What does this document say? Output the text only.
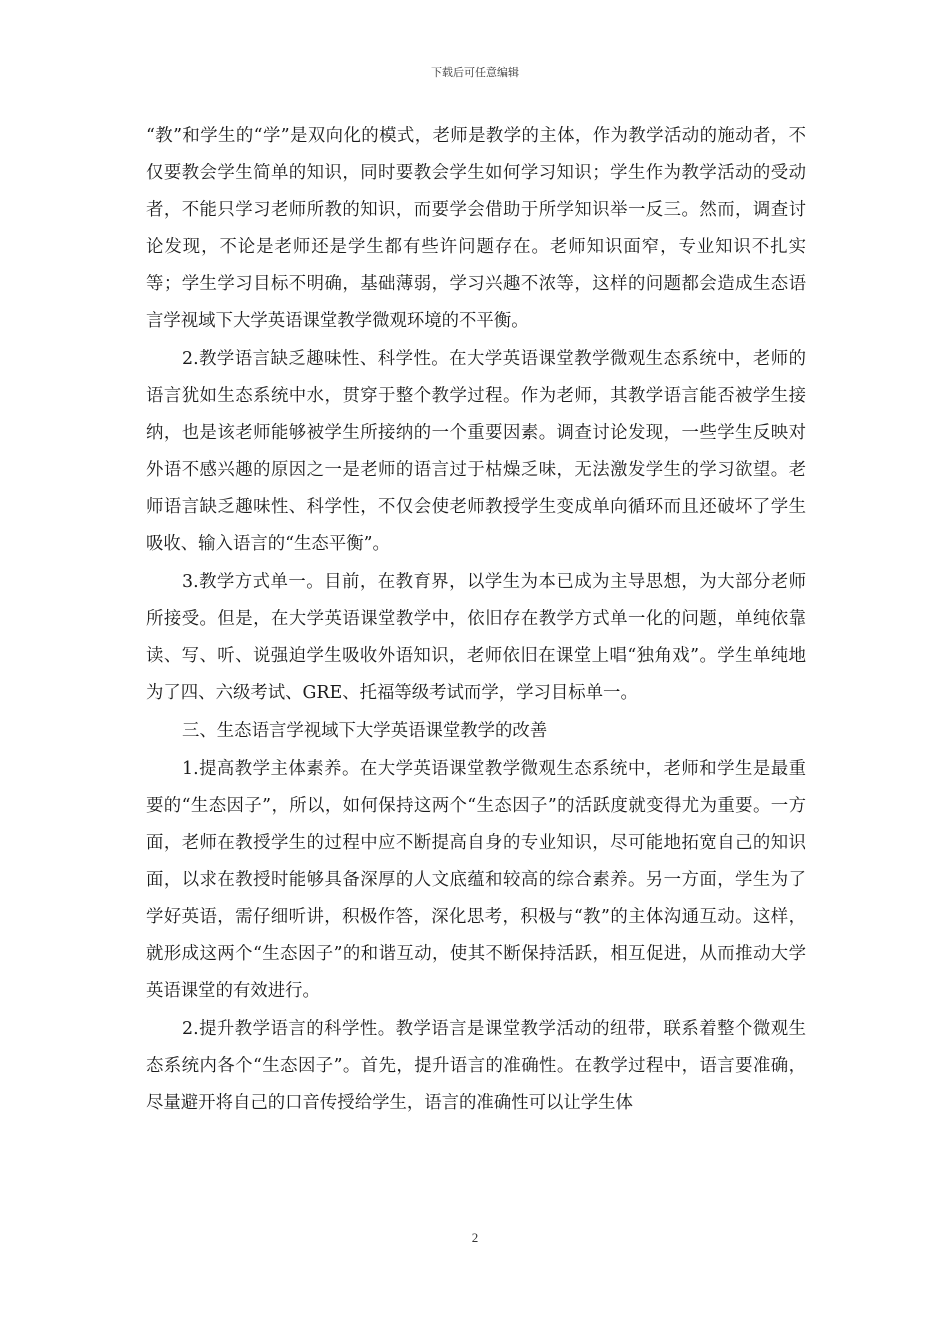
下载后可任意编辑

“教”和学生的“学”是双向化的模式，老师是教学的主体，作为教学活动的施动者，不仅要教会学生简单的知识，同时要教会学生如何学习知识；学生作为教学活动的受动者，不能只学习老师所教的知识，而要学会借助于所学知识举一反三。然而，调查讨论发现，不论是老师还是学生都有些许问题存在。老师知识面窄，专业知识不扎实等；学生学习目标不明确，基础薄弱，学习兴趣不浓等，这样的问题都会造成生态语言学视域下大学英语课堂教学微观环境的不平衡。

2.教学语言缺乏趣味性、科学性。在大学英语课堂教学微观生态系统中，老师的语言犹如生态系统中水，贯穿于整个教学过程。作为老师，其教学语言能否被学生接纳，也是该老师能够被学生所接纳的一个重要因素。调查讨论发现，一些学生反映对外语不感兴趣的原因之一是老师的语言过于枯燥乏味，无法激发学生的学习欲望。老师语言缺乏趣味性、科学性，不仅会使老师教授学生变成单向循环而且还破坏了学生吸收、输入语言的“生态平衡”。

3.教学方式单一。目前，在教育界，以学生为本已成为主导思想，为大部分老师所接受。但是，在大学英语课堂教学中，依旧存在教学方式单一化的问题，单纯依靠读、写、听、说强迫学生吸收外语知识，老师依旧在课堂上唱“独角戏”。学生单纯地为了四、六级考试、GRE、托福等级考试而学，学习目标单一。

三、生态语言学视域下大学英语课堂教学的改善

1.提高教学主体素养。在大学英语课堂教学微观生态系统中，老师和学生是最重要的“生态因子”，所以，如何保持这两个“生态因子”的活跃度就变得尤为重要。一方面，老师在教授学生的过程中应不断提高自身的专业知识，尽可能地拓宽自己的知识面，以求在教授时能够具备深厚的人文底蕴和较高的综合素养。另一方面，学生为了学好英语，需仔细听讲，积极作答，深化思考，积极与“教”的主体沟通互动。这样，就形成这两个“生态因子”的和谐互动，使其不断保持活跃，相互促进，从而推动大学英语课堂的有效进行。

2.提升教学语言的科学性。教学语言是课堂教学活动的纽带，联系着整个微观生态系统内各个“生态因子”。首先，提升语言的准确性。在教学过程中，语言要准确，尽量避开将自己的口音传授给学生，语言的准确性可以让学生体

2
